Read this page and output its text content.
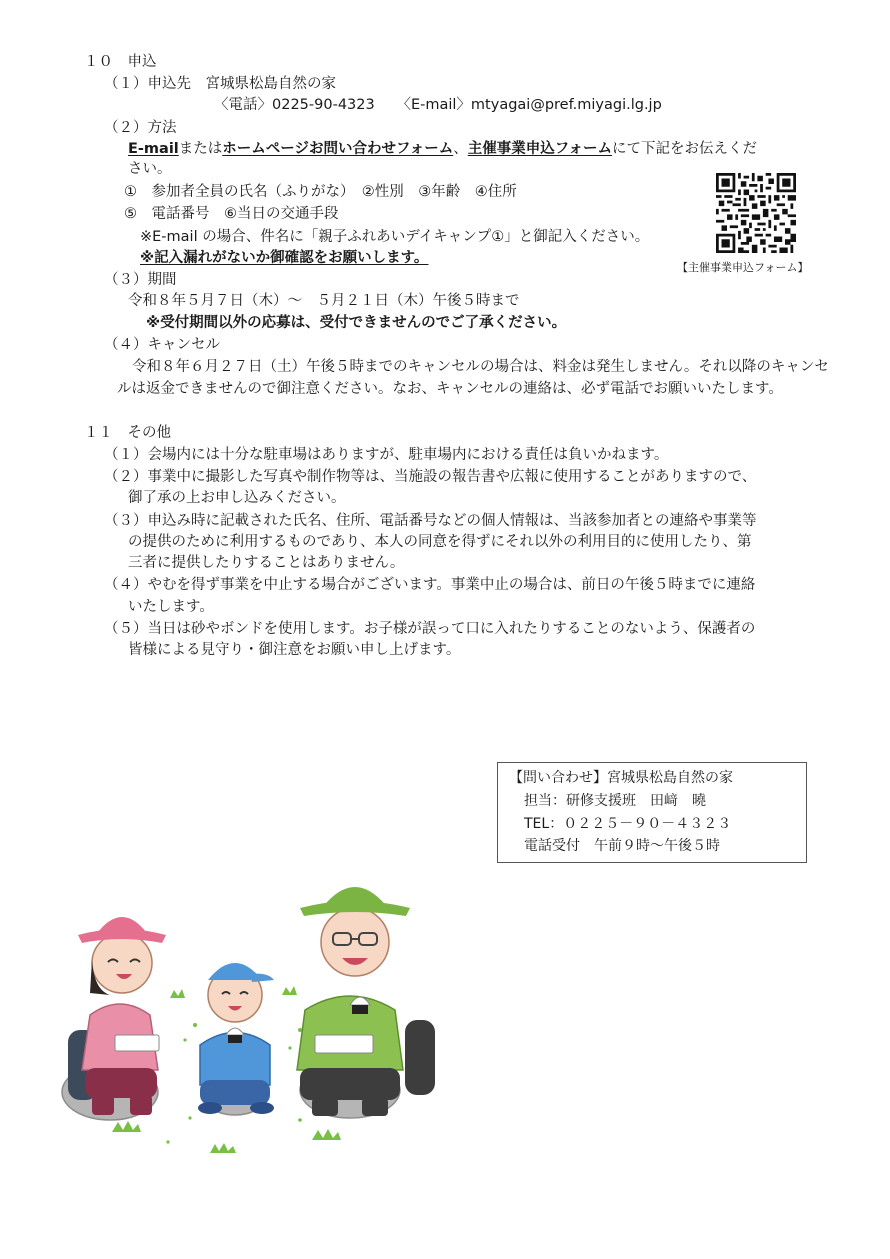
１０　申込
（１）申込先　宮城県松島自然の家
〈電話〉0225-90-4323　　〈E-mail〉mtyagai@pref.miyagi.lg.jp
（２）方法
E-mailまたはホームページお問い合わせフォーム、主催事業申込フォームにて下記をお伝えくだ
さい。
①　参加者全員の氏名（ふりがな）　②性別　③年齢　④住所
⑤　電話番号　⑥当日の交通手段
※E-mail の場合、件名に「親子ふれあいデイキャンプ①」と御記入ください。
※記入漏れがないか御確認をお願いします。
【主催事業申込フォーム】
（３）期間
令和８年５月７日（木）～　５月２１日（木）午後５時まで
※受付期間以外の応募は、受付できませんのでご了承ください。
（４）キャンセル
令和８年６月２７日（土）午後５時までのキャンセルの場合は、料金は発生しません。それ以降のキャンセ
ルは返金できませんので御注意ください。なお、キャンセルの連絡は、必ず電話でお願いいたします。
１１　その他
（１）会場内には十分な駐車場はありますが、駐車場内における責任は負いかねます。
（２）事業中に撮影した写真や制作物等は、当施設の報告書や広報に使用することがありますので、
御了承の上お申し込みください。
（３）申込み時に記載された氏名、住所、電話番号などの個人情報は、当該参加者との連絡や事業等
の提供のために利用するものであり、本人の同意を得ずにそれ以外の利用目的に使用したり、第
三者に提供したりすることはありません。
（４）やむを得ず事業を中止する場合がございます。事業中止の場合は、前日の午後５時までに連絡
いたします。
（５）当日は砂やボンドを使用します。お子様が誤って口に入れたりすることのないよう、保護者の
皆様による見守り・御注意をお願い申し上げます。
【問い合わせ】宮城県松島自然の家
担当：研修支援班　田﨑　曉
TEL：０２２５－９０－４３２３
電話受付　午前９時～午後５時
